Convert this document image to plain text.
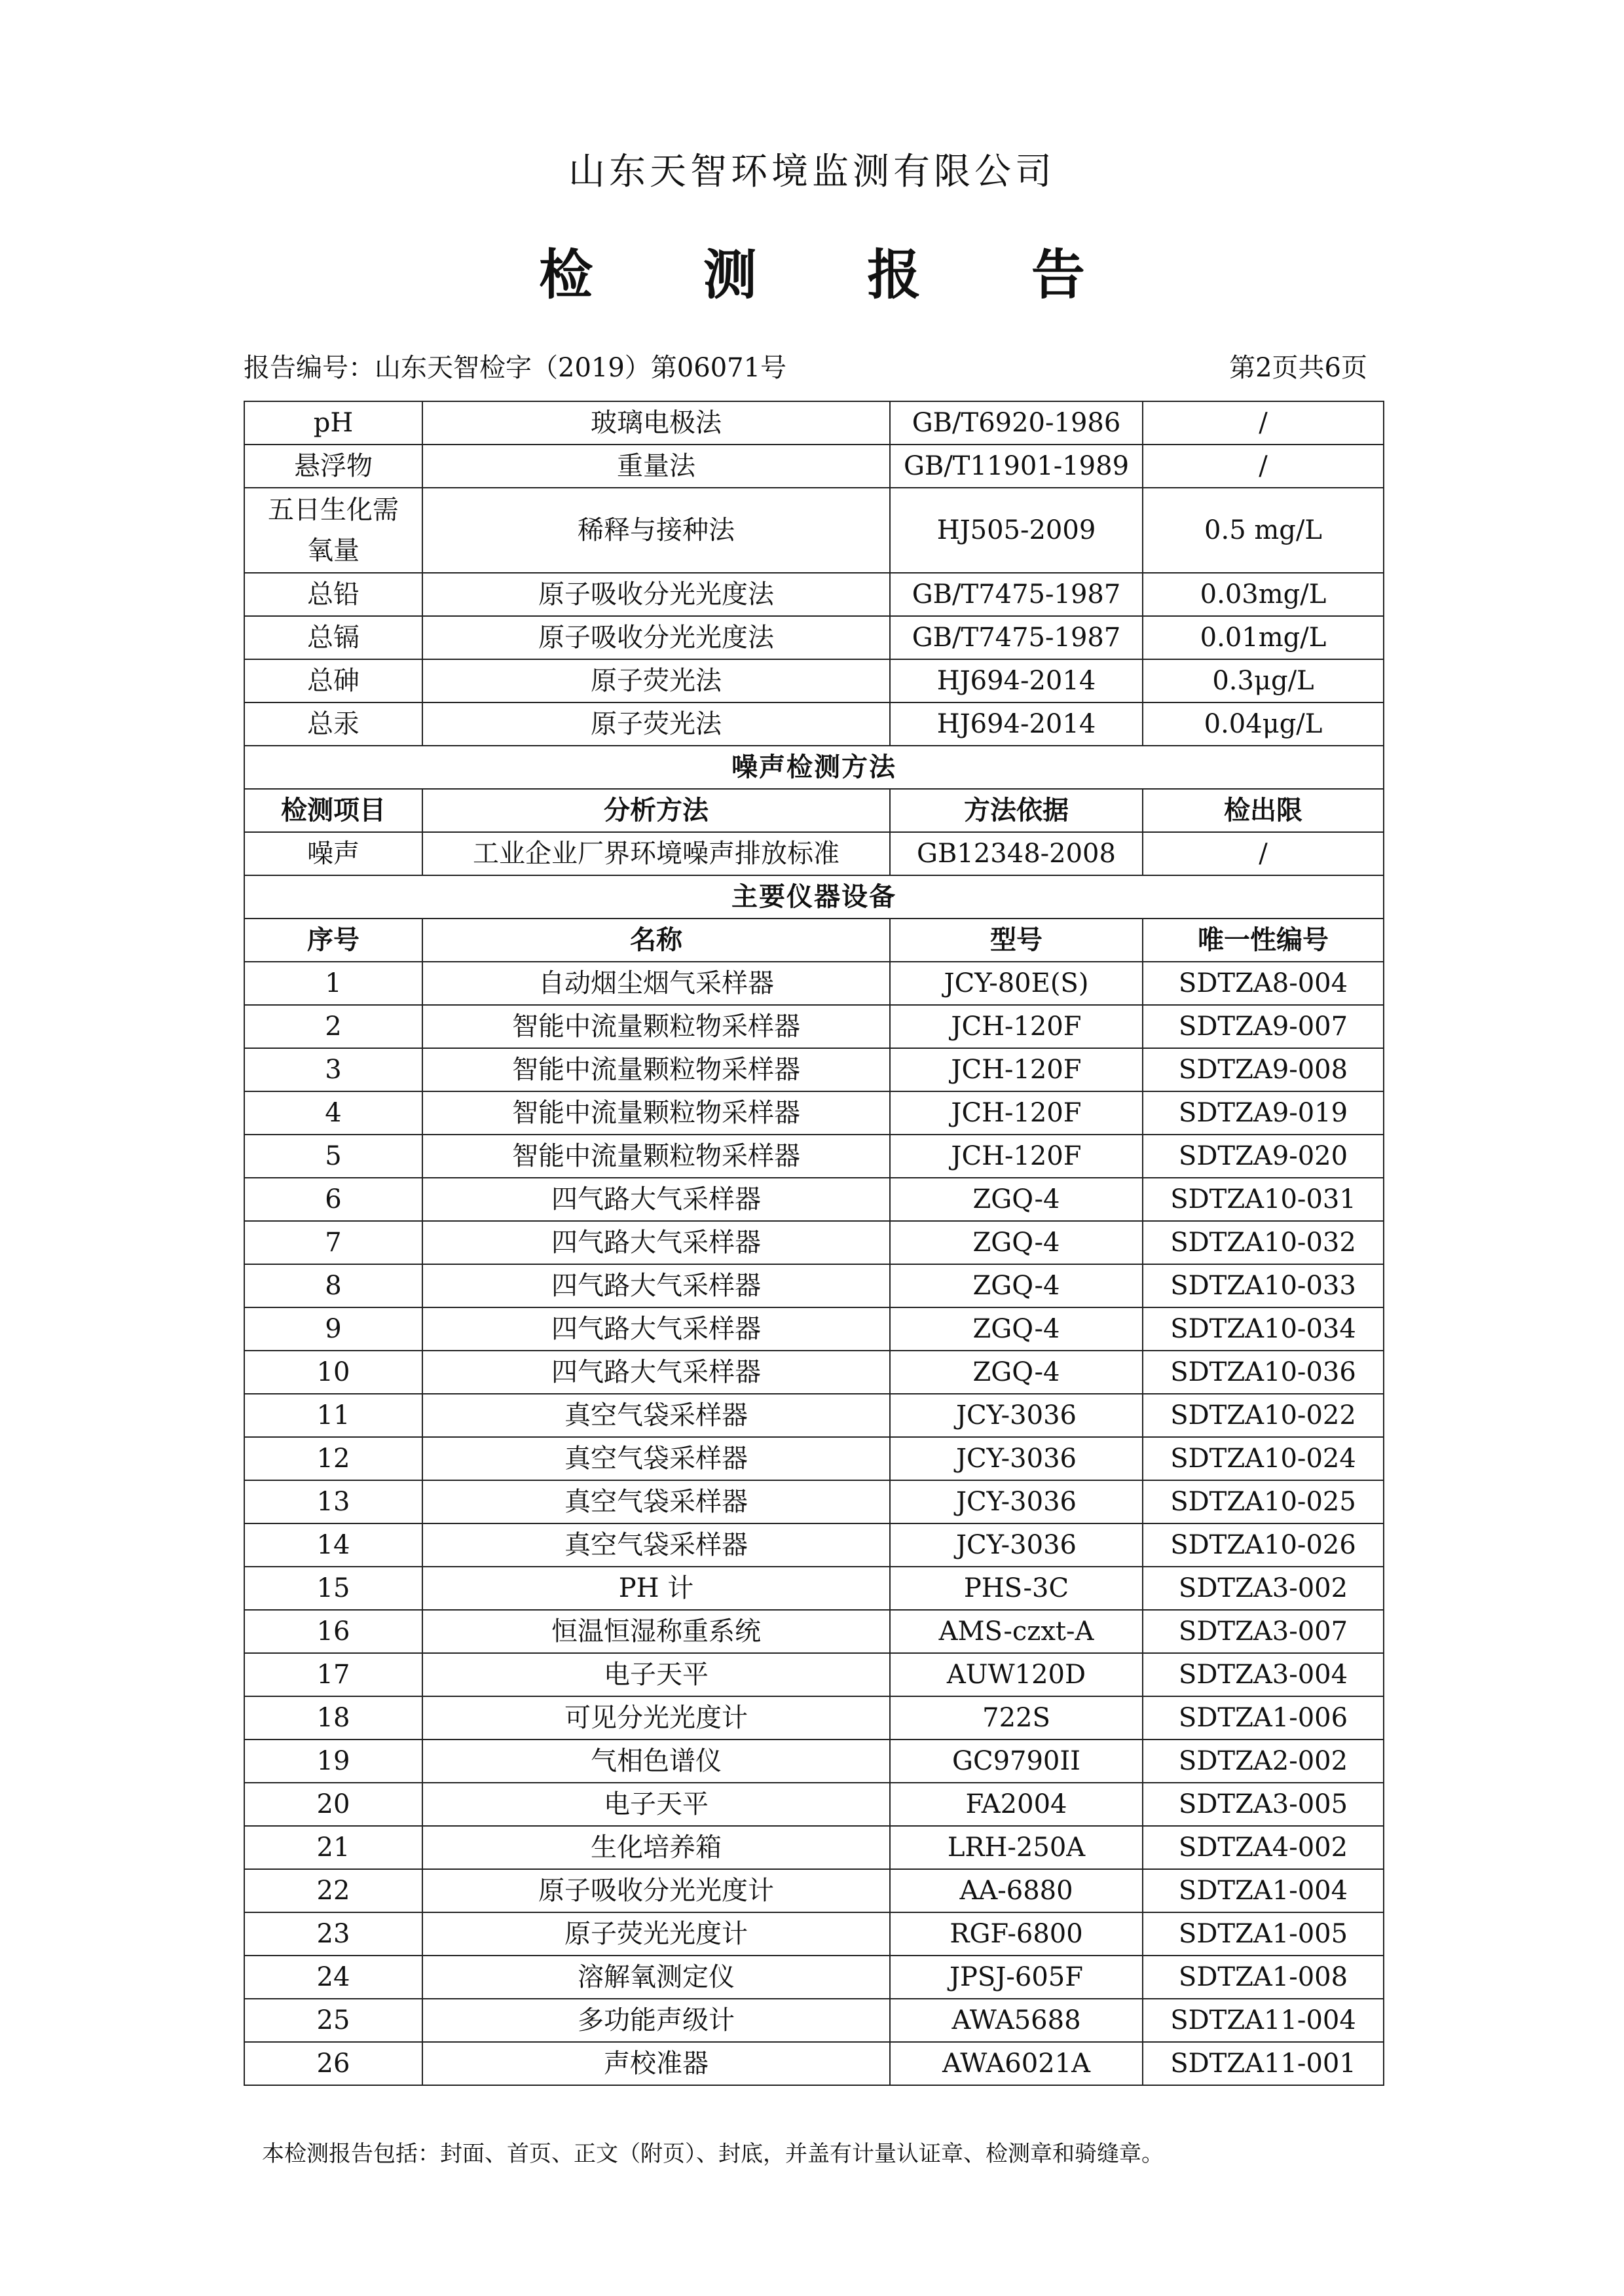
山东天智环境监测有限公司
检 测 报 告
报告编号：山东天智检字（2019）第06071号	第2页共6页
pH	玻璃电极法	GB/T6920-1986	/
悬浮物	重量法	GB/T11901-1989	/
五日生化需氧量	稀释与接种法	HJ505-2009	0.5 mg/L
总铅	原子吸收分光光度法	GB/T7475-1987	0.03mg/L
总镉	原子吸收分光光度法	GB/T7475-1987	0.01mg/L
总砷	原子荧光法	HJ694-2014	0.3μg/L
总汞	原子荧光法	HJ694-2014	0.04μg/L
噪声检测方法			
检测项目	分析方法	方法依据	检出限
噪声	工业企业厂界环境噪声排放标准	GB12348-2008	/
主要仪器设备			
序号	名称	型号	唯一性编号
1	自动烟尘烟气采样器	JCY-80E(S)	SDTZA8-004
2	智能中流量颗粒物采样器	JCH-120F	SDTZA9-007
3	智能中流量颗粒物采样器	JCH-120F	SDTZA9-008
4	智能中流量颗粒物采样器	JCH-120F	SDTZA9-019
5	智能中流量颗粒物采样器	JCH-120F	SDTZA9-020
6	四气路大气采样器	ZGQ-4	SDTZA10-031
7	四气路大气采样器	ZGQ-4	SDTZA10-032
8	四气路大气采样器	ZGQ-4	SDTZA10-033
9	四气路大气采样器	ZGQ-4	SDTZA10-034
10	四气路大气采样器	ZGQ-4	SDTZA10-036
11	真空气袋采样器	JCY-3036	SDTZA10-022
12	真空气袋采样器	JCY-3036	SDTZA10-024
13	真空气袋采样器	JCY-3036	SDTZA10-025
14	真空气袋采样器	JCY-3036	SDTZA10-026
15	PH 计	PHS-3C	SDTZA3-002
16	恒温恒湿称重系统	AMS-czxt-A	SDTZA3-007
17	电子天平	AUW120D	SDTZA3-004
18	可见分光光度计	722S	SDTZA1-006
19	气相色谱仪	GC9790II	SDTZA2-002
20	电子天平	FA2004	SDTZA3-005
21	生化培养箱	LRH-250A	SDTZA4-002
22	原子吸收分光光度计	AA-6880	SDTZA1-004
23	原子荧光光度计	RGF-6800	SDTZA1-005
24	溶解氧测定仪	JPSJ-605F	SDTZA1-008
25	多功能声级计	AWA5688	SDTZA11-004
26	声校准器	AWA6021A	SDTZA11-001
本检测报告包括：封面、首页、正文（附页）、封底，并盖有计量认证章、检测章和骑缝章。
